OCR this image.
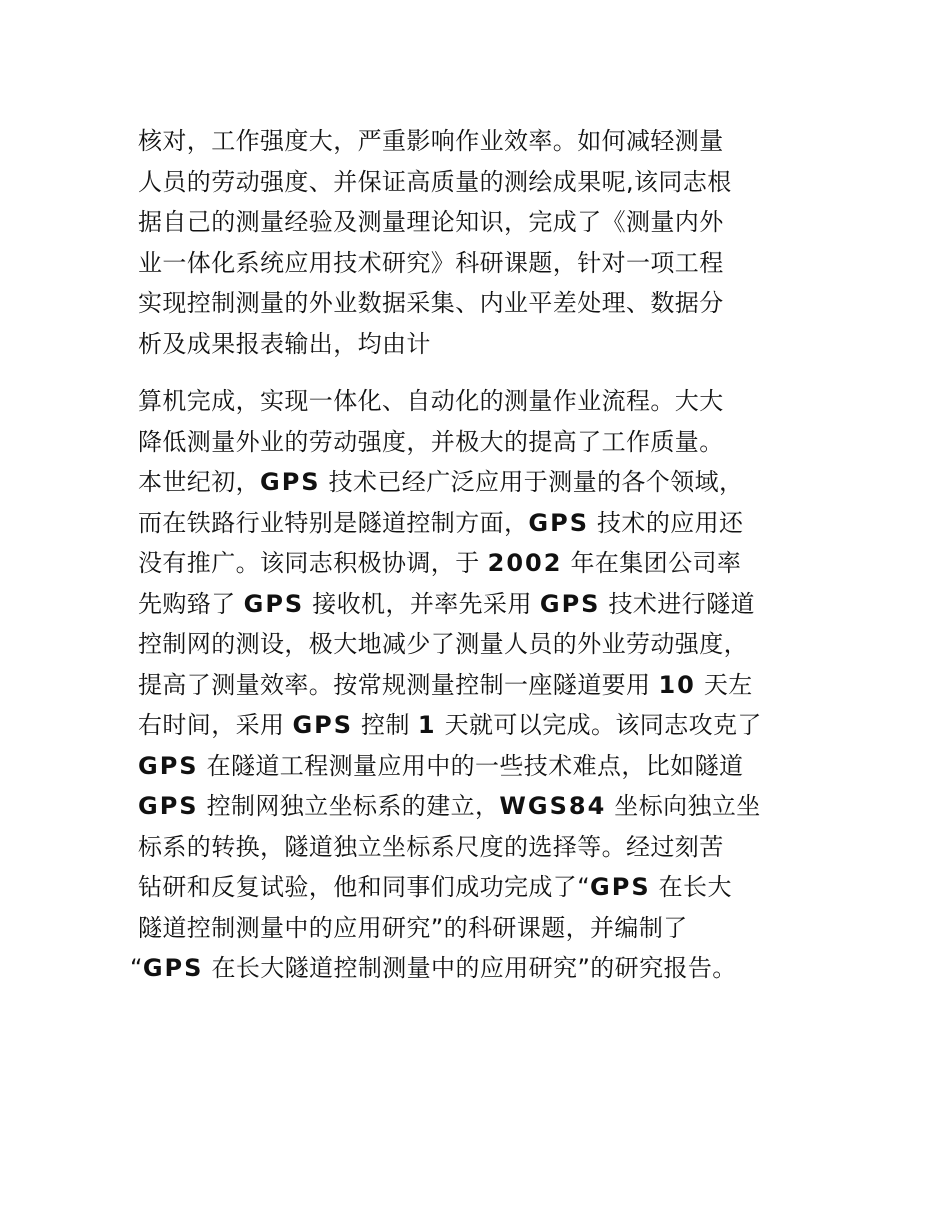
核对，工作强度大，严重影响作业效率。如何减轻测量
人员的劳动强度、并保证高质量的测绘成果呢,该同志根
据自己的测量经验及测量理论知识，完成了《测量内外
业一体化系统应用技术研究》科研课题，针对一项工程
实现控制测量的外业数据采集、内业平差处理、数据分
析及成果报表输出，均由计
算机完成，实现一体化、自动化的测量作业流程。大大
降低测量外业的劳动强度，并极大的提高了工作质量。
本世纪初，GPS 技术已经广泛应用于测量的各个领域，
而在铁路行业特别是隧道控制方面，GPS 技术的应用还
没有推广。该同志积极协调，于 2002 年在集团公司率
先购臵了 GPS 接收机，并率先采用 GPS 技术进行隧道
控制网的测设，极大地减少了测量人员的外业劳动强度，
提高了测量效率。按常规测量控制一座隧道要用 10 天左
右时间，采用 GPS 控制 1 天就可以完成。该同志攻克了
GPS 在隧道工程测量应用中的一些技术难点，比如隧道
GPS 控制网独立坐标系的建立，WGS84 坐标向独立坐
标系的转换，隧道独立坐标系尺度的选择等。经过刻苦
钻研和反复试验，他和同事们成功完成了“GPS 在长大
隧道控制测量中的应用研究”的科研课题，并编制了
“GPS 在长大隧道控制测量中的应用研究”的研究报告。
